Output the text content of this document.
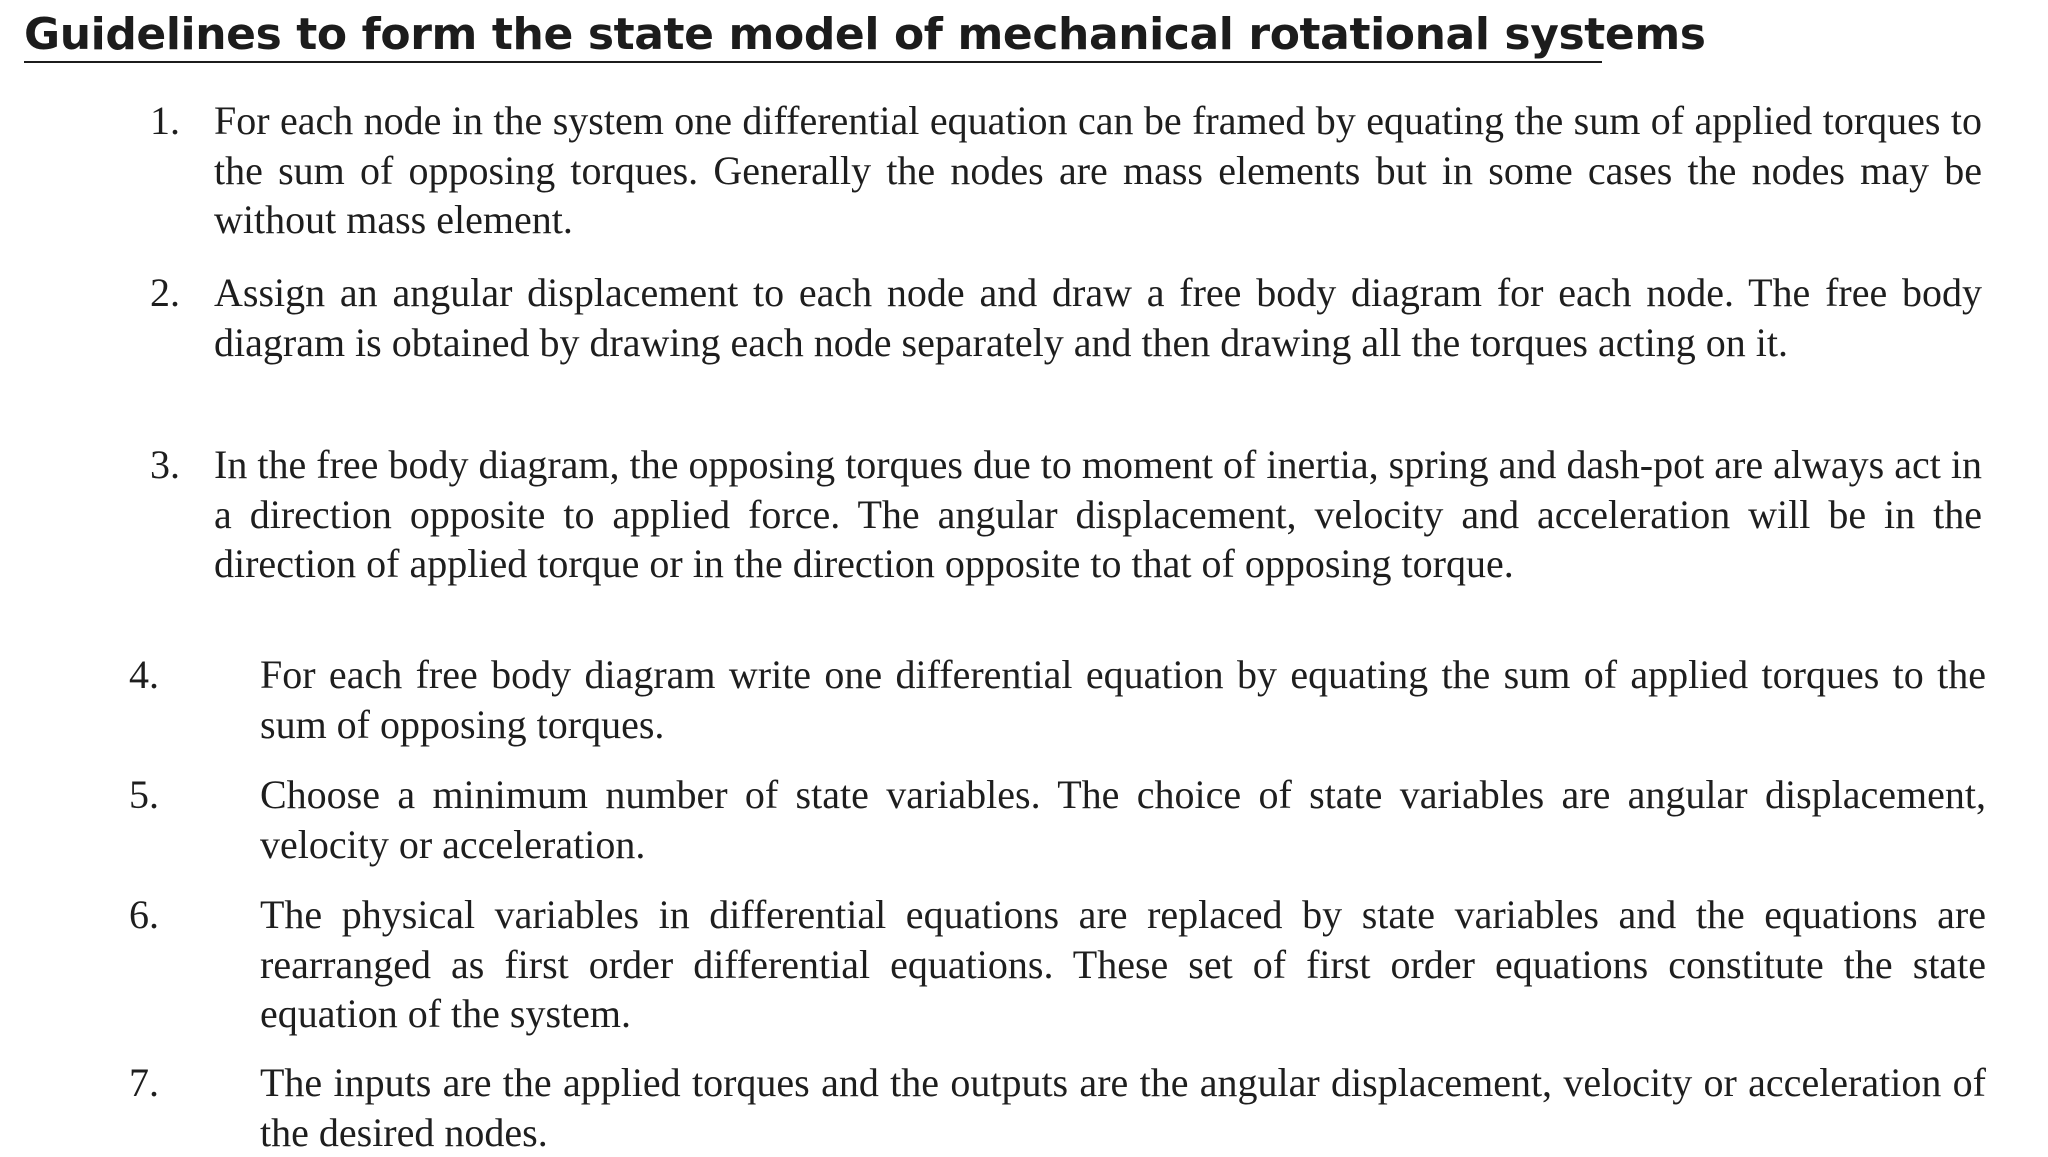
Guidelines to form the state model of mechanical rotational systems
1. For each node in the system one differential equation can be framed by equating the sum of applied torques to the sum of opposing torques. Generally the nodes are mass elements but in some cases the nodes may be without mass element.
2. Assign an angular displacement to each node and draw a free body diagram for each node. The free body diagram is obtained by drawing each node separately and then drawing all the torques acting on it.
3. In the free body diagram, the opposing torques due to moment of inertia, spring and dash-pot are always act in a direction opposite to applied force. The angular displacement, velocity and acceleration will be in the direction of applied torque or in the direction opposite to that of opposing torque.
4.	For each free body diagram write one differential equation by equating the sum of applied torques to the sum of opposing torques.
5.	Choose a minimum number of state variables. The choice of state variables are angular displacement, velocity or acceleration.
6.	The physical variables in differential equations are replaced by state variables and the equations are rearranged as first order differential equations. These set of first order equations constitute the state equation of the system.
7.	The inputs are the applied torques and the outputs are the angular displacement, velocity or acceleration of the desired nodes.
